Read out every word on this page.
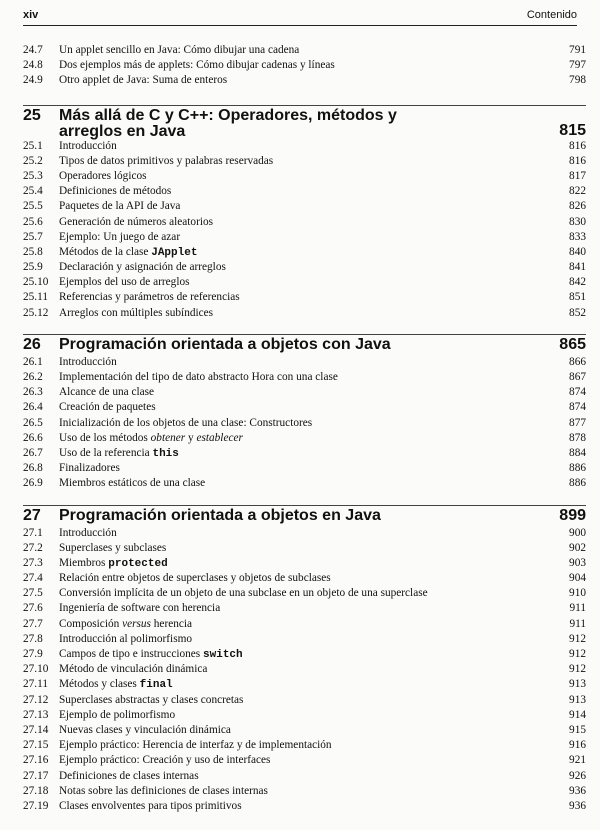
xiv	Contenido
24.7 Un applet sencillo en Java: Cómo dibujar una cadena	791
24.8 Dos ejemplos más de applets: Cómo dibujar cadenas y líneas	797
24.9 Otro applet de Java: Suma de enteros	798
25 Más allá de C y C++: Operadores, métodos y arreglos en Java	815
25.1 Introducción	816
25.2 Tipos de datos primitivos y palabras reservadas	816
25.3 Operadores lógicos	817
25.4 Definiciones de métodos	822
25.5 Paquetes de la API de Java	826
25.6 Generación de números aleatorios	830
25.7 Ejemplo: Un juego de azar	833
25.8 Métodos de la clase JApplet	840
25.9 Declaración y asignación de arreglos	841
25.10 Ejemplos del uso de arreglos	842
25.11 Referencias y parámetros de referencias	851
25.12 Arreglos con múltiples subíndices	852
26 Programación orientada a objetos con Java	865
26.1 Introducción	866
26.2 Implementación del tipo de dato abstracto Hora con una clase	867
26.3 Alcance de una clase	874
26.4 Creación de paquetes	874
26.5 Inicialización de los objetos de una clase: Constructores	877
26.6 Uso de los métodos obtener y establecer	878
26.7 Uso de la referencia this	884
26.8 Finalizadores	886
26.9 Miembros estáticos de una clase	886
27 Programación orientada a objetos en Java	899
27.1 Introducción	900
27.2 Superclases y subclases	902
27.3 Miembros protected	903
27.4 Relación entre objetos de superclases y objetos de subclases	904
27.5 Conversión implícita de un objeto de una subclase en un objeto de una superclase	910
27.6 Ingeniería de software con herencia	911
27.7 Composición versus herencia	911
27.8 Introducción al polimorfismo	912
27.9 Campos de tipo e instrucciones switch	912
27.10 Método de vinculación dinámica	912
27.11 Métodos y clases final	913
27.12 Superclases abstractas y clases concretas	913
27.13 Ejemplo de polimorfismo	914
27.14 Nuevas clases y vinculación dinámica	915
27.15 Ejemplo práctico: Herencia de interfaz y de implementación	916
27.16 Ejemplo práctico: Creación y uso de interfaces	921
27.17 Definiciones de clases internas	926
27.18 Notas sobre las definiciones de clases internas	936
27.19 Clases envolventes para tipos primitivos	936
